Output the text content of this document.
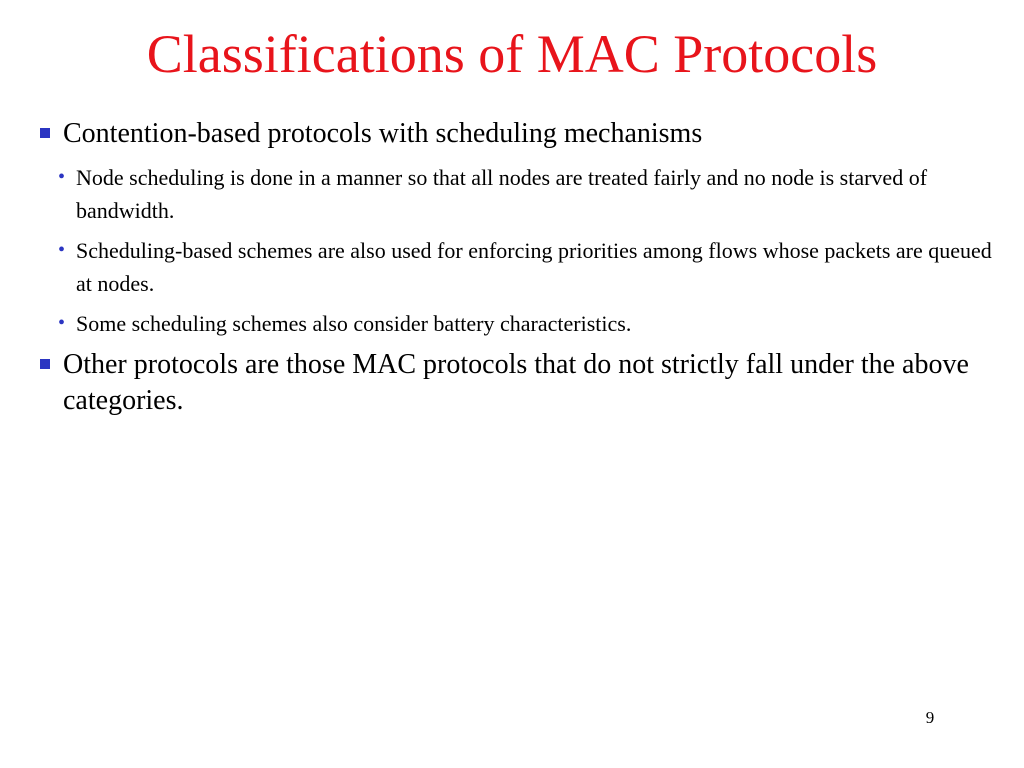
Classifications of MAC Protocols
Contention-based protocols with scheduling mechanisms
• Node scheduling is done in a manner so that all nodes are treated fairly and no node is starved of bandwidth.
• Scheduling-based schemes are also used for enforcing priorities among flows whose packets are queued at nodes.
• Some scheduling schemes also consider battery characteristics.
Other protocols are those MAC protocols that do not strictly fall under the above categories.
9
